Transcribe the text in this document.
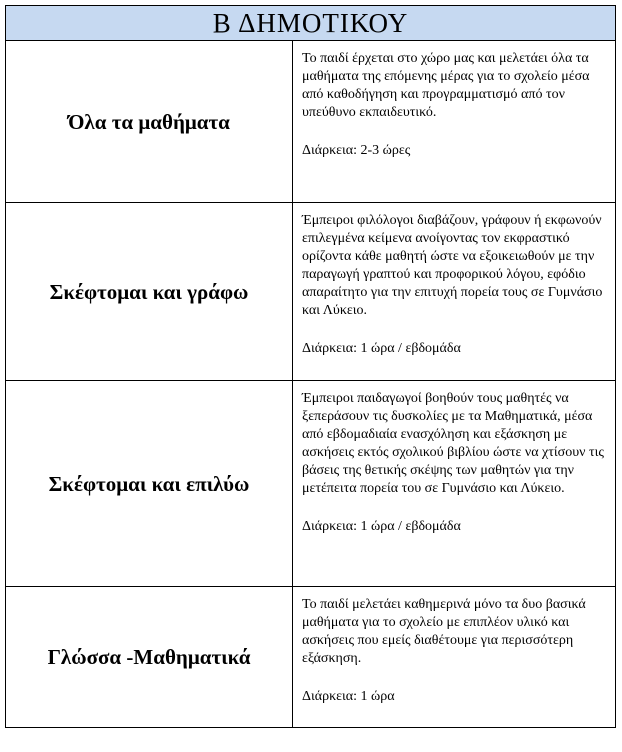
Β ΔΗΜΟΤΙΚΟΥ	
Όλα τα μαθήματα	Το παιδί έρχεται στο χώρο μας και μελετάει όλα τα μαθήματα της επόμενης μέρας για το σχολείο μέσα από καθοδήγηση και προγραμματισμό από τον υπεύθυνο εκπαιδευτικό.

Διάρκεια: 2-3 ώρες

Σκέφτομαι και γράφω	Έμπειροι φιλόλογοι διαβάζουν, γράφουν ή εκφωνούν επιλεγμένα κείμενα ανοίγοντας τον εκφραστικό ορίζοντα κάθε μαθητή ώστε να εξοικειωθούν με την παραγωγή γραπτού και προφορικού λόγου, εφόδιο απαραίτητο για την επιτυχή πορεία τους σε Γυμνάσιο και Λύκειο.

Διάρκεια: 1 ώρα / εβδομάδα

Σκέφτομαι και επιλύω	Έμπειροι παιδαγωγοί βοηθούν τους μαθητές να ξεπεράσουν τις δυσκολίες με τα Μαθηματικά, μέσα από εβδομαδιαία ενασχόληση και εξάσκηση με ασκήσεις εκτός σχολικού βιβλίου ώστε να χτίσουν τις βάσεις της θετικής σκέψης των μαθητών για την μετέπειτα πορεία του σε Γυμνάσιο και Λύκειο.

Διάρκεια: 1 ώρα / εβδομάδα

Γλώσσα -Μαθηματικά	Το παιδί μελετάει καθημερινά μόνο τα δυο βασικά μαθήματα για το σχολείο με επιπλέον υλικό και ασκήσεις που εμείς διαθέτουμε για περισσότερη εξάσκηση.

Διάρκεια: 1 ώρα
